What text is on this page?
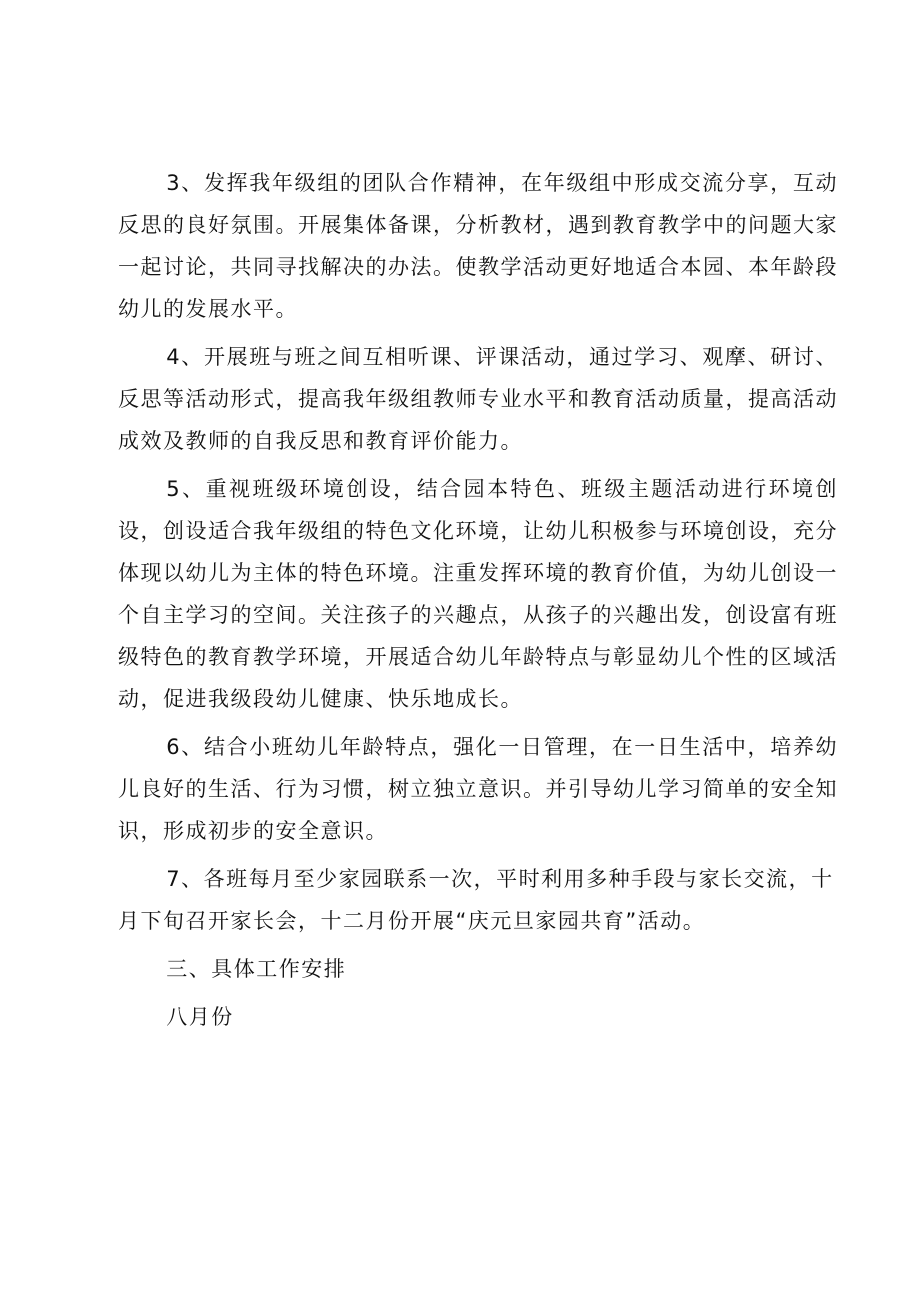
3、发挥我年级组的团队合作精神，在年级组中形成交流分享，互动反思的良好氛围。开展集体备课，分析教材，遇到教育教学中的问题大家一起讨论，共同寻找解决的办法。使教学活动更好地适合本园、本年龄段幼儿的发展水平。

4、开展班与班之间互相听课、评课活动，通过学习、观摩、研讨、反思等活动形式，提高我年级组教师专业水平和教育活动质量，提高活动成效及教师的自我反思和教育评价能力。

5、重视班级环境创设，结合园本特色、班级主题活动进行环境创设，创设适合我年级组的特色文化环境，让幼儿积极参与环境创设，充分体现以幼儿为主体的特色环境。注重发挥环境的教育价值，为幼儿创设一个自主学习的空间。关注孩子的兴趣点，从孩子的兴趣出发，创设富有班级特色的教育教学环境，开展适合幼儿年龄特点与彰显幼儿个性的区域活动，促进我级段幼儿健康、快乐地成长。

6、结合小班幼儿年龄特点，强化一日管理，在一日生活中，培养幼儿良好的生活、行为习惯，树立独立意识。并引导幼儿学习简单的安全知识，形成初步的安全意识。

7、各班每月至少家园联系一次，平时利用多种手段与家长交流，十月下旬召开家长会，十二月份开展“庆元旦家园共育”活动。

三、具体工作安排

八月份
